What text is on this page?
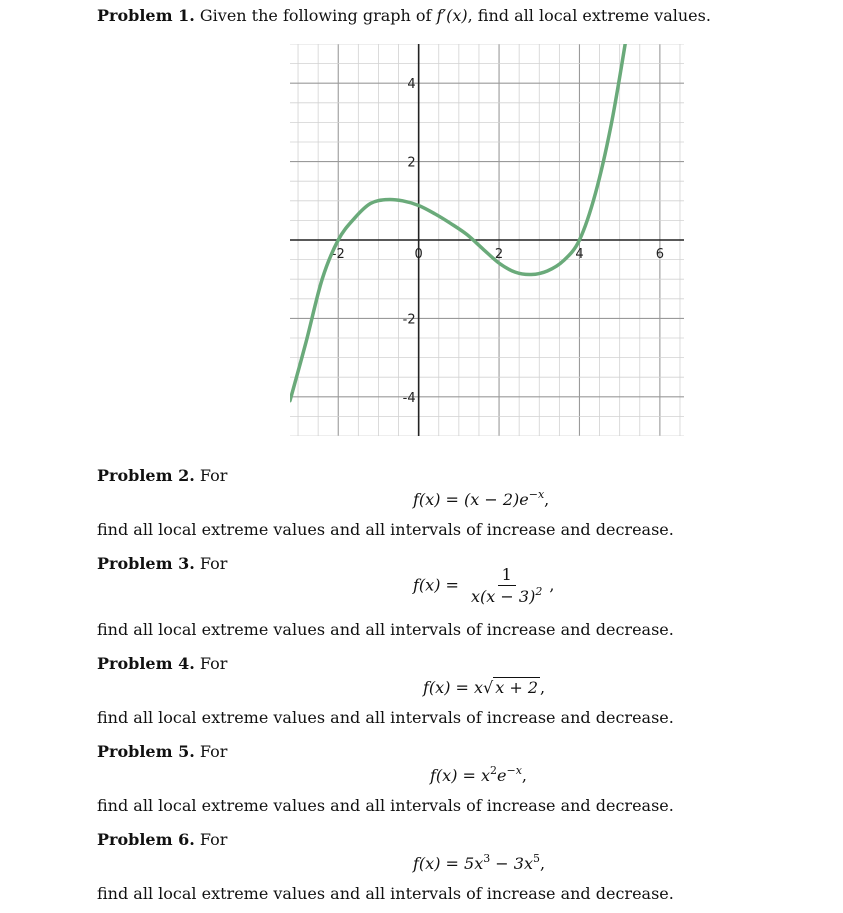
Problem 1. Given the following graph of f′(x), find all local extreme values.
-2	0	2	4	6
-4
-2
2
4
Problem 2. For
$f(x) = (x - 2)e^{-x}$,
find all local extreme values and all intervals of increase and decrease.
Problem 3. For
$f(x) = \frac{1}{x(x - 3)^2}$ ,
find all local extreme values and all intervals of increase and decrease.
Problem 4. For
f(x) = x√ x + 2 ,
find all local extreme values and all intervals of increase and decrease.
Problem 5. For
$f(x) = x^2e^{-x}$,
find all local extreme values and all intervals of increase and decrease.
Problem 6. For
$f(x) = 5x^3 - 3x^5$,
find all local extreme values and all intervals of increase and decrease.
